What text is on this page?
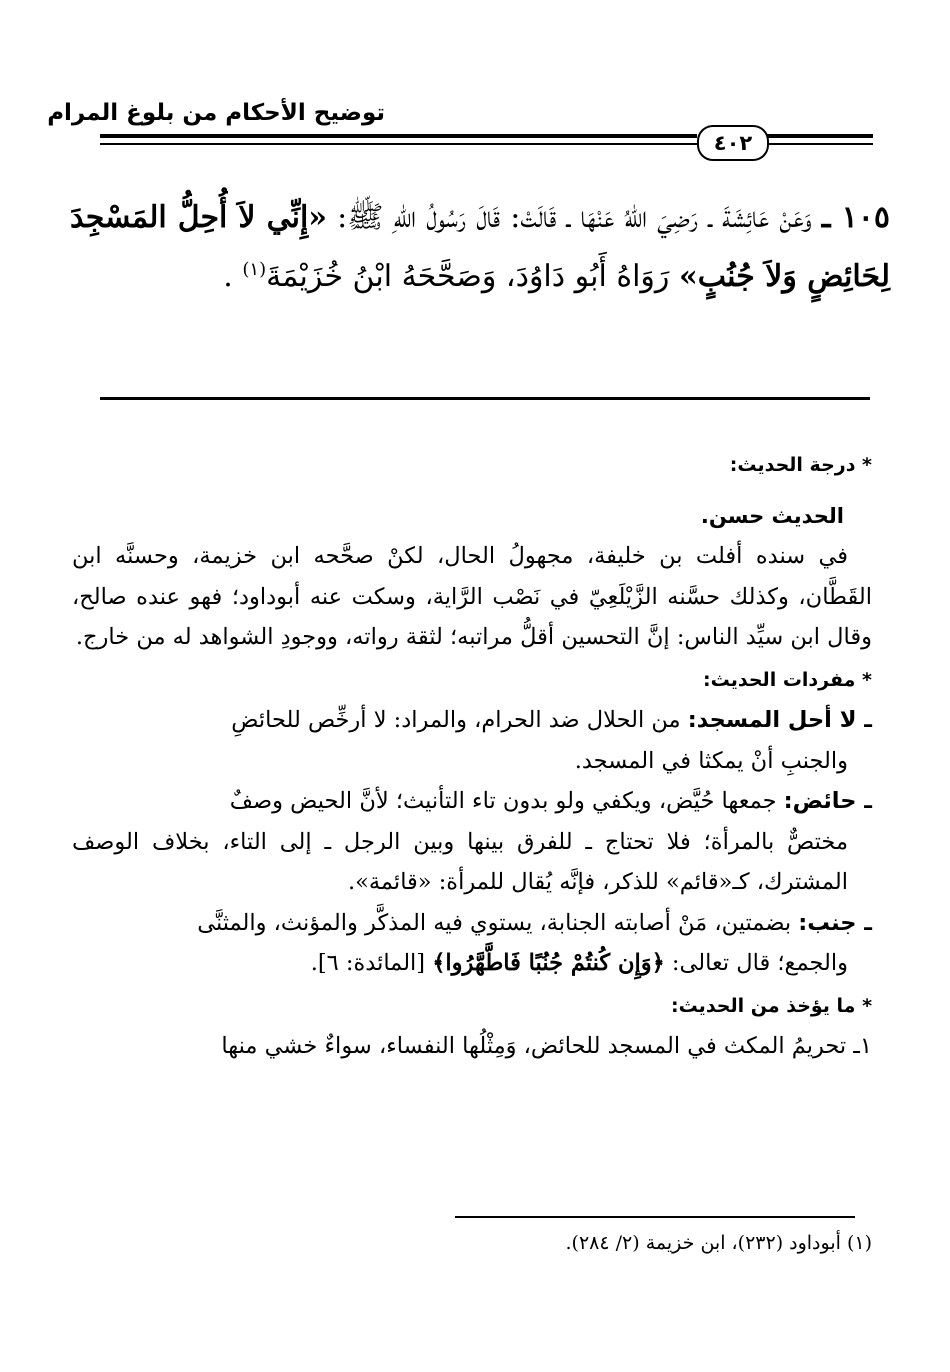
توضيح الأحكام من بلوغ المرام
٤٠٢
١٠٥ ـ وَعَنْ عَائِشَةَ ـ رَضِيَ اللهُ عَنْهَا ـ قَالَتْ: قَالَ رَسُولُ اللهِ ﷺ: «إِنِّي لاَ أُحِلُّ المَسْجِدَ لِحَائِضٍ وَلاَ جُنُبٍ» رَوَاهُ أَبُو دَاوُدَ، وَصَحَّحَهُ ابْنُ خُزَيْمَةَ$^{(١)}$ .

* درجة الحديث:

الحديث حسن.

في سنده أفلت بن خليفة، مجهولُ الحال، لكنْ صحَّحه ابن خزيمة، وحسنَّه ابن القَطَّان، وكذلك حسَّنه الزَّيْلَعِيّ في نَصْب الرَّاية، وسكت عنه أبوداود؛ فهو عنده صالح، وقال ابن سيِّد الناس: إنَّ التحسين أقلُّ مراتبه؛ لثقة رواته، ووجودِ الشواهد له من خارج.

* مفردات الحديث:

ـ لا أحل المسجد: من الحلال ضد الحرام، والمراد: لا أرخِّص للحائضِ
والجنبِ أنْ يمكثا في المسجد.

ـ حائض: جمعها حُيَّض، ويكفي ولو بدون تاء التأنيث؛ لأنَّ الحيض وصفٌ
مختصٌّ بالمرأة؛ فلا تحتاج ـ للفرق بينها وبين الرجل ـ إلى التاء، بخلاف الوصف المشترك، كـ«قائم» للذكر، فإنَّه يُقال للمرأة: «قائمة».

ـ جنب: بضمتين، مَنْ أصابته الجنابة، يستوي فيه المذكَّر والمؤنث، والمثنَّى
والجمع؛ قال تعالى: ﴿وَإِن كُنتُمْ جُنُبًا فَاطَّهَّرُوا﴾ [المائدة: ٦].

* ما يؤخذ من الحديث:

١ـ تحريمُ المكث في المسجد للحائض، وَمِثْلُها النفساء، سواءٌ خشي منها

(١) أبوداود (٢٣٢)، ابن خزيمة (٢/ ٢٨٤).
